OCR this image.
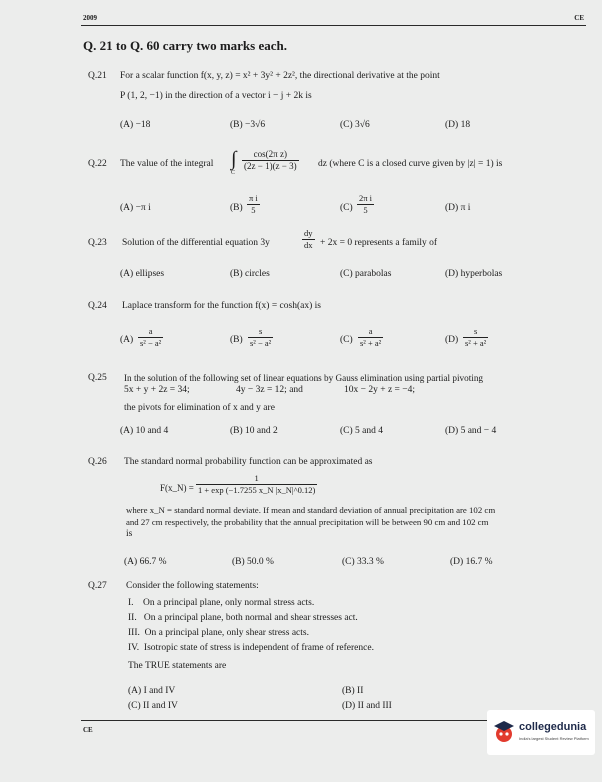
2009	CE
Q. 21 to Q. 60 carry two marks each.
Q.21 For a scalar function f(x, y, z) = x² + 3y² + 2z², the directional derivative at the point
P (1, 2, −1) in the direction of a vector i − j + 2k is
(A) −18	(B) −3√6	(C) 3√6	(D) 18
Q.22 The value of the integral ∫
C
$\frac{\text{cos(2π z)}}{(2z - 1)(z - 3)}$ dz (where C is a closed curve given by |z| = 1) is
(A) −π i	$(B) \frac{\text{π i}}{5}$	$(C) \frac{\text{2π i}}{5}$	(D) π i
Q.23 Solution of the differential equation 3y	$\frac{dy}{dx} + 2x = 0$ represents a family of
(A) ellipses	(B) circles	(C) parabolas	(D) hyperbolas
Q.24 Laplace transform for the function f(x) = cosh(ax) is
$(A) \frac{a}{\text{s² − a²}}$	$(B) \frac{s}{\text{s² − a²}}$	$(C) \frac{a}{\text{s² + a²}}$	$(D) \frac{s}{\text{s² + a²}}$
Q.25 In the solution of the following set of linear equations by Gauss elimination using partial pivoting
5x + y + 2z = 34;	4y − 3z = 12; and	10x − 2y + z = −4;
the pivots for elimination of x and y are
(A) 10 and 4	(B) 10 and 2	(C) 5 and 4	(D) 5 and − 4
Q.26 The standard normal probability function can be approximated as
F(x_N) = $\frac{1}{1 + \exp (-1.7255 x\_N |x\_N|\^{}0.12)}$
where x_N = standard normal deviate. If mean and standard deviation of annual precipitation are 102 cm
and 27 cm respectively, the probability that the annual precipitation will be between 90 cm and 102 cm
is
(A) 66.7 %	(B) 50.0 %	(C) 33.3 %	(D) 16.7 %
Q.27 Consider the following statements:
I.    On a principal plane, only normal stress acts.
II.   On a principal plane, both normal and shear stresses act.
III.  On a principal plane, only shear stress acts.
IV.  Isotropic state of stress is independent of frame of reference.
The TRUE statements are
(A) I and IV	(B) II
(C) II and IV	(D) II and III
CE	collegedunia
India's largest Student Review Platform
